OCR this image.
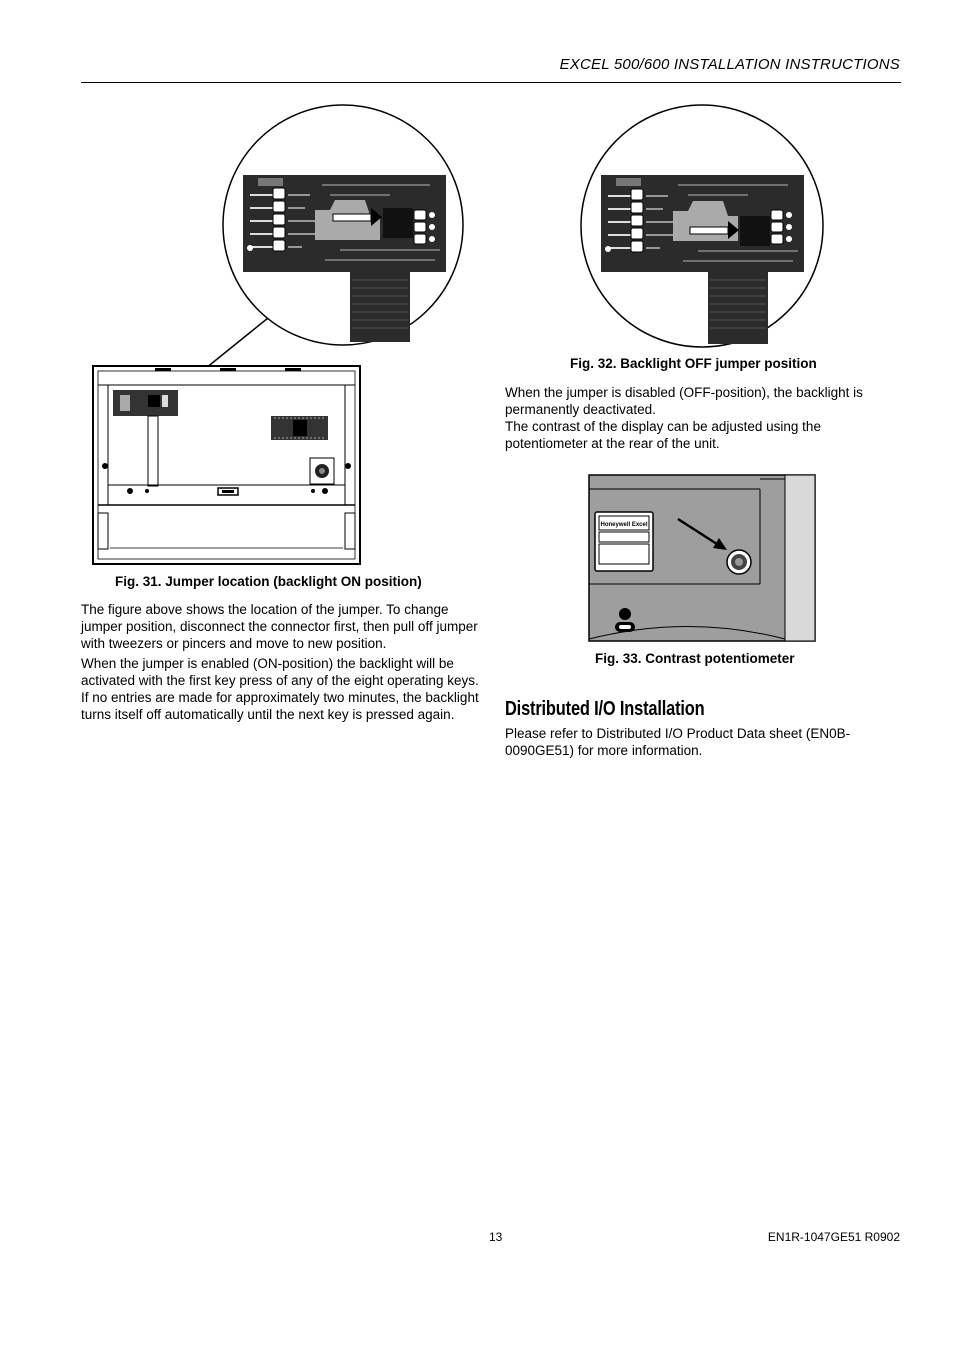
EXCEL 500/600 INSTALLATION INSTRUCTIONS
Fig. 32. Backlight OFF jumper position

When the jumper is disabled (OFF-position), the backlight is permanently deactivated.

The contrast of the display can be adjusted using the potentiometer at the rear of the unit.

Honeywell Excel
Fig. 33. Contrast potentiometer
Distributed I/O Installation

Please refer to Distributed I/O Product Data sheet (EN0B-0090GE51) for more information.

Fig. 31. Jumper location (backlight ON position)

The figure above shows the location of the jumper. To change jumper position, disconnect the connector first, then pull off jumper with tweezers or pincers and move to new position.

When the jumper is enabled (ON-position) the backlight will be activated with the first key press of any of the eight operating keys. If no entries are made for approximately two minutes, the backlight turns itself off automatically until the next key is pressed again.

13	EN1R-1047GE51 R0902
